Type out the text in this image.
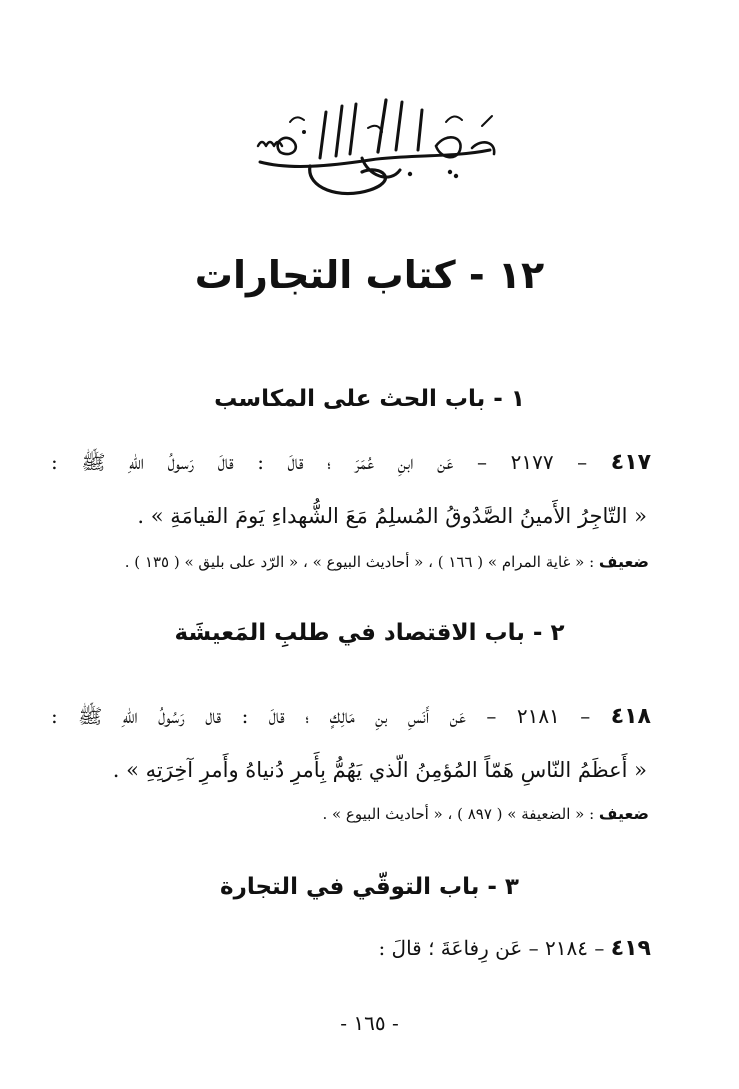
١٢ - كتاب التجارات
١ - باب الحث على المكاسب
٤١٧ – ٢١٧٧ – عَن ابنِ عُمَرَ ؛ قالَ : قالَ رَسولُ اللّهِ ﷺ :
« التّاجِرُ الأَمينُ الصَّدُوقُ المُسلِمُ مَعَ الشُّهداءِ يَومَ القيامَةِ » .
ضعيف : « غاية المرام » ( ١٦٦ ) ، « أحاديث البيوع » ، « الرّد على بليق » ( ١٣٥ ) .
٢ - باب الاقتصاد في طلبِ المَعيشَة
٤١٨ – ٢١٨١ – عَن أَنَسِ بنِ مَالِكٍ ؛ قالَ : قال رَسُولُ اللّهِ ﷺ :
« أَعظَمُ النّاسِ هَمّاً المُؤمِنُ الّذي يَهُمُّ بِأَمرِ دُنياهُ وأَمرِ آخِرَتِهِ » .
ضعيف : « الضعيفة » ( ٨٩٧ ) ، « أحاديث البيوع » .
٣ - باب التوقّي في التجارة
٤١٩ – ٢١٨٤ – عَن رِفاعَةَ ؛ قالَ :
- ١٦٥ -
